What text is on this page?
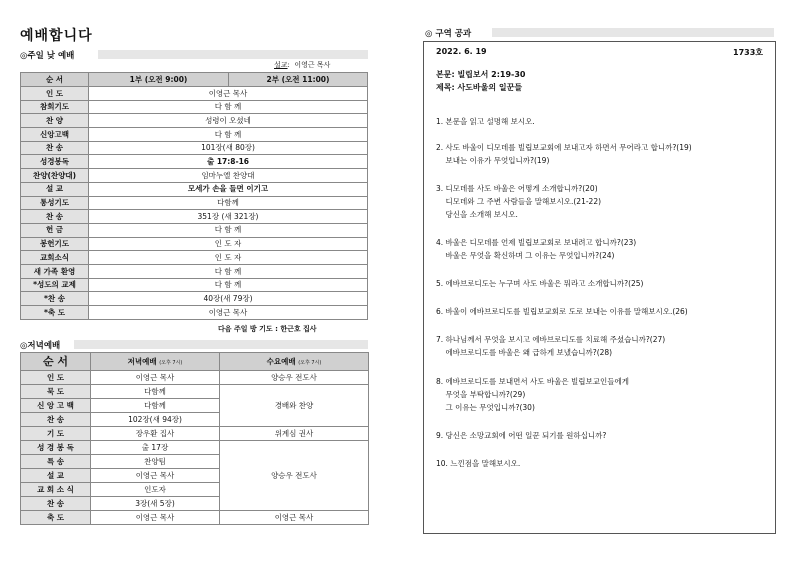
예배합니다
◎주일 낮 예배
설교:  이영근 목사
순 서	1부 (오전 9:00)	2부 (오전 11:00)
인 도	이영근 목사	
참회기도	다 함 께	
찬 양	성령이 오셨네	
신앙고백	다 함 께	
찬 송	101장(새 80장)	
성경봉독	출 17:8-16	
찬양(찬양대)	임마누엘 찬양대	
설 교	모세가 손을 들면 이기고	
통성기도	다함께	
찬 송	351장 (새 321장)	
헌 금	다 함 께	
봉헌기도	인 도 자	
교회소식	인 도 자	
새 가족 환영	다 함 께	
*성도의 교제	다 함 께	
*찬 송	40장(새 79장)	
*축 도	이영근 목사	
다음 주일 방 기도 : 한근호 집사
◎저녁예배
순 서	저녁예배 (오후 7시)	수요예배 (오후 7시)
인 도	이영근 목사	양승우 전도사
묵 도	다함께	경배와 찬양
신 앙 고 백	다함께	
찬 송	102장(새 94장)	
기 도	장우환 집사	위계심 권사
성 경 봉 독	출 17장	양승우 전도사
특 송	찬양팀	
설 교	이영근 목사	
교 회 소 식	인도자	
찬 송	3장(새 5장)	
축 도	이영근 목사	이영근 목사
◎ 구역 공과
2022. 6. 19	1733호
본문: 빌립보서 2:19-30
제목: 사도바울의 일꾼들
1. 본문을 읽고 설명해 보시오.
2. 사도 바울이 디모데를 빌립보교회에 보내고자 하면서 무어라고 합니까?(19)
보내는 이유가 무엇입니까?(19)
3. 디모데를 사도 바울은 어떻게 소개합니까?(20)
디모데와 그 주변 사람들을 말해보시오.(21-22)
당신을 소개해 보시오.
4. 바울은 디모데를 언제 빌립보교회로 보내려고 합니까?(23)
바울은 무엇을 확신하며 그 이유는 무엇입니까?(24)
5. 에바브로디도는 누구며 사도 바울은 뭐라고 소개합니까?(25)
6. 바울이 에바브로디도를 빌립보교회로 도로 보내는 이유를 말해보시오.(26)
7. 하나님께서 무엇을 보시고 에바브로디도를 치료해 주셨습니까?(27)
에바브로디도를 바울은 왜 급하게 보냈습니까?(28)
8. 에바브로디도를 보내면서 사도 바울은 빌립보교인들에게
무엇을 부탁합니까?(29)
그 이유는 무엇입니까?(30)
9. 당신은 소망교회에 어떤 일꾼 되기를 원하십니까?
10. 느낀점을 말해보시오.
